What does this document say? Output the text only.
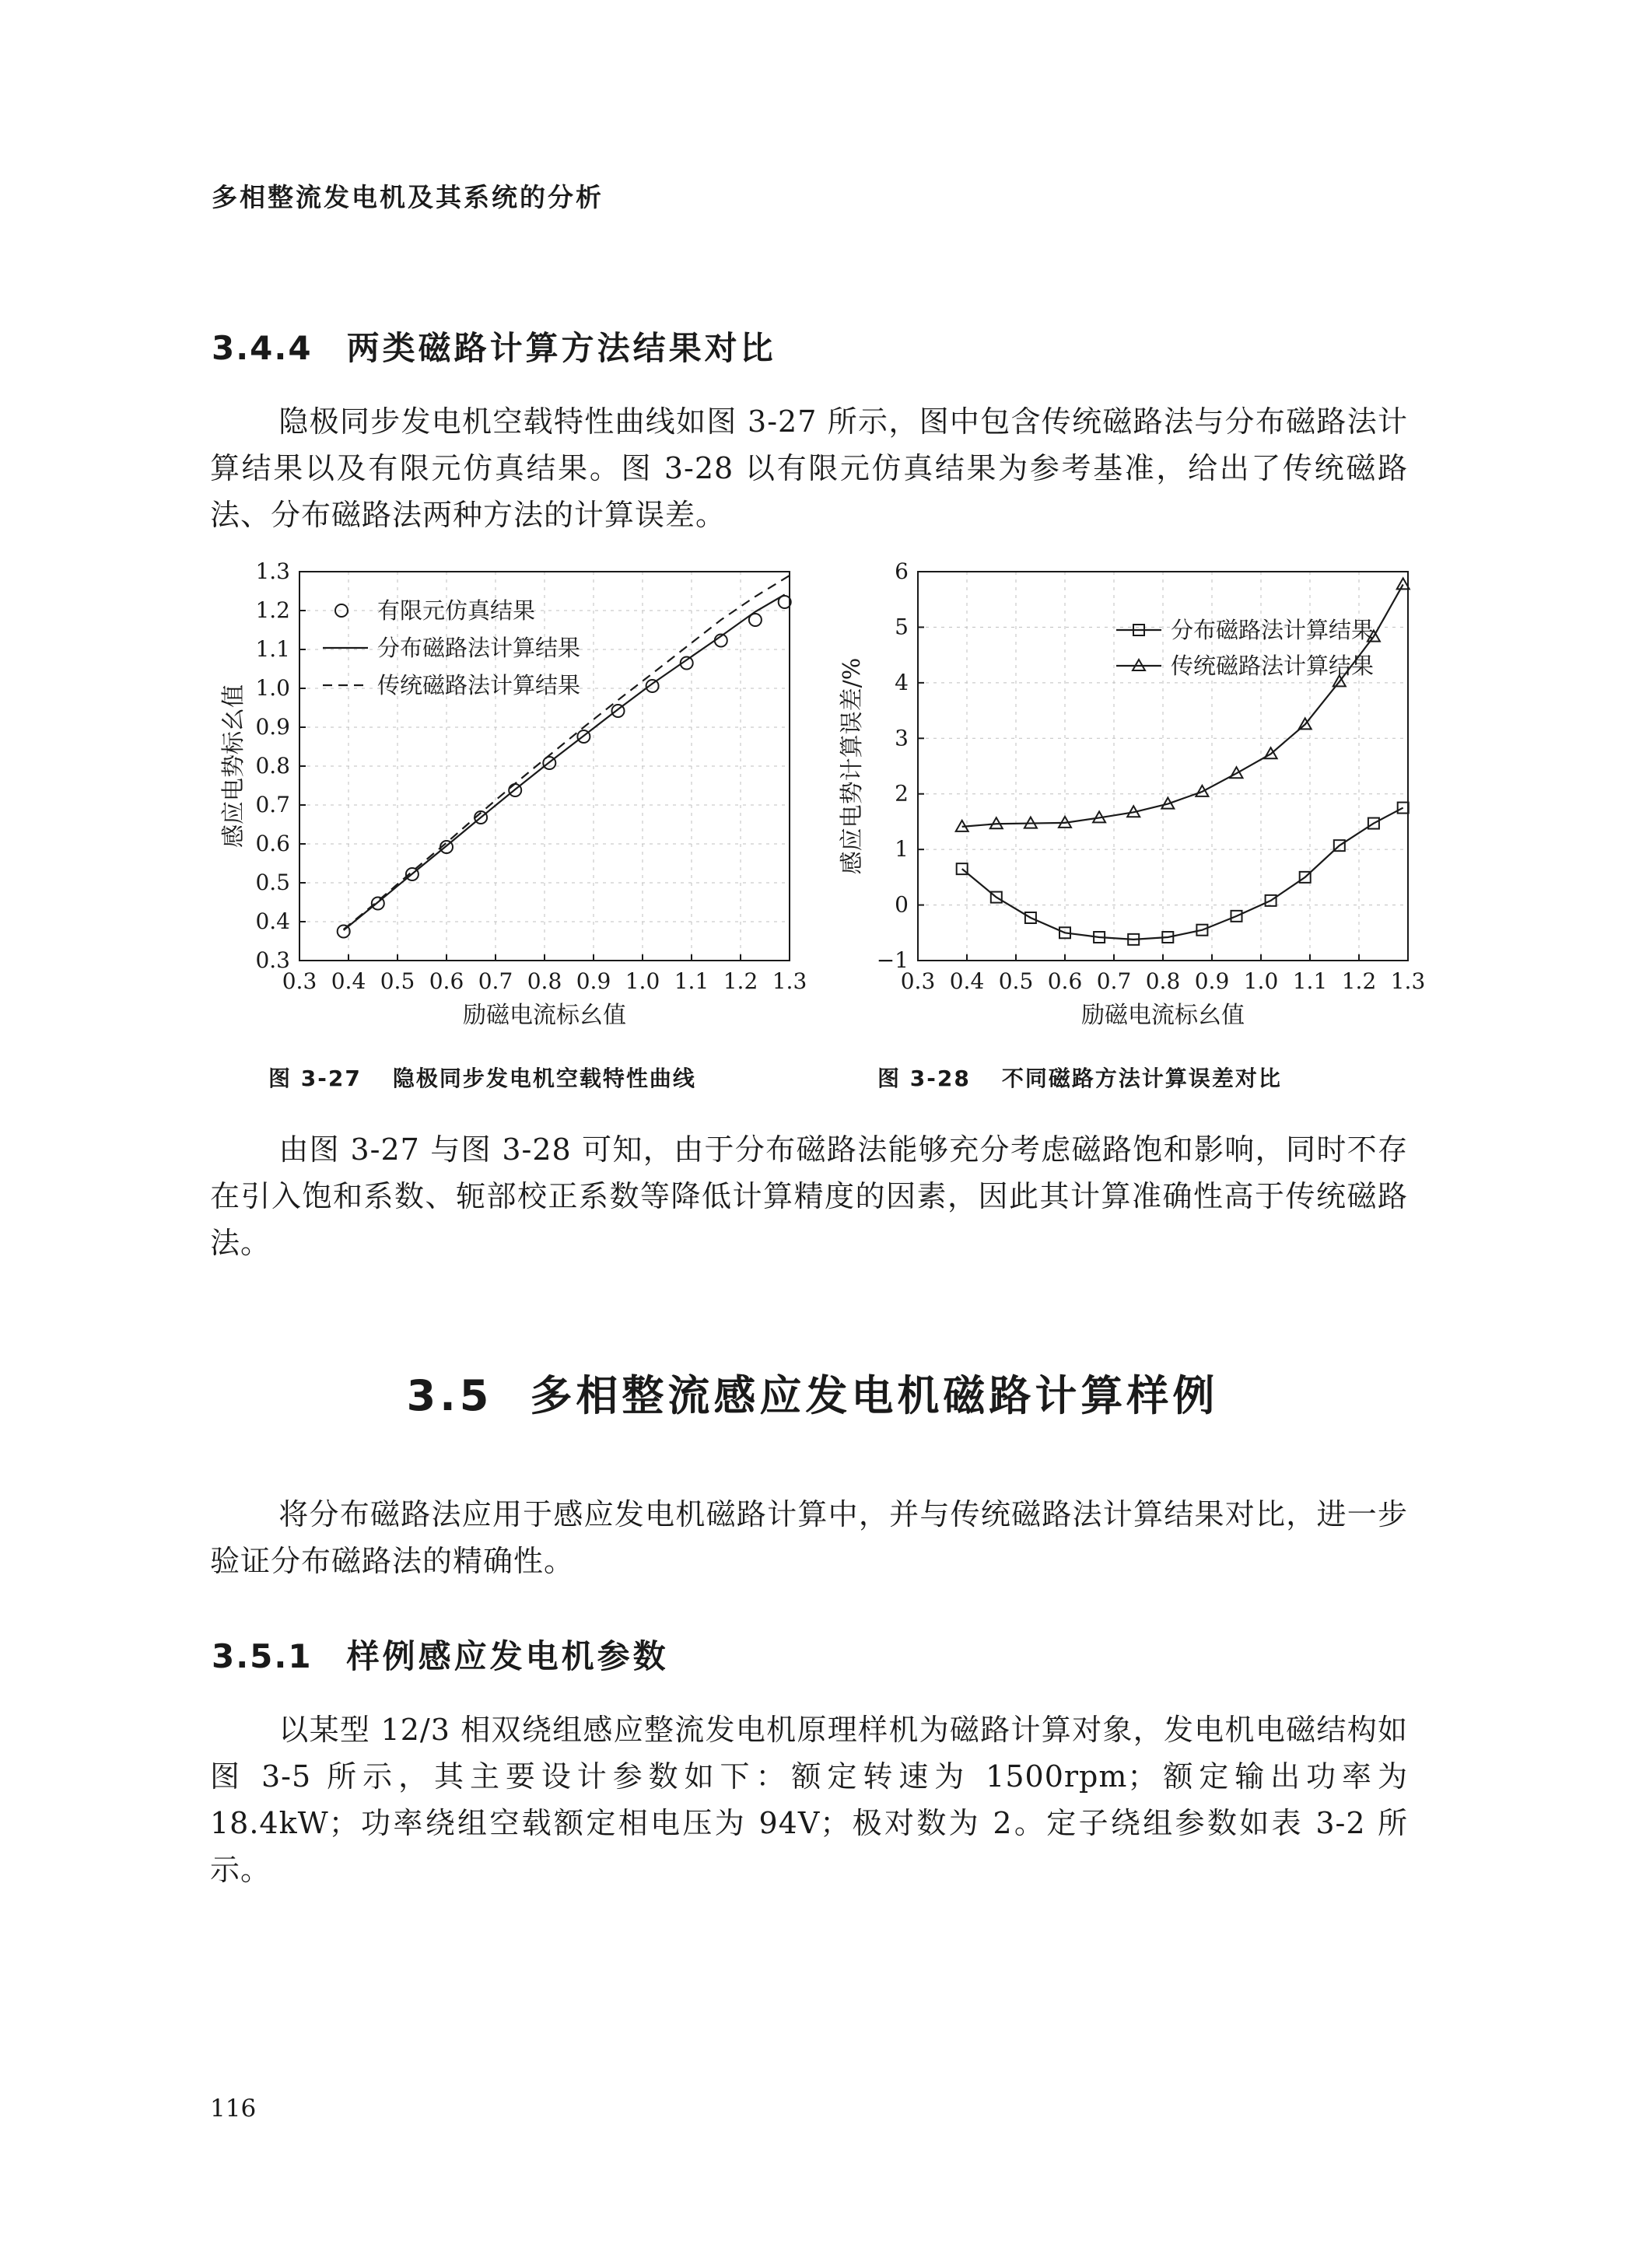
多相整流发电机及其系统的分析
3.4.4 两类磁路计算方法结果对比
隐极同步发电机空载特性曲线如图 3-27 所示，图中包含传统磁路法与分布磁路法计算结果以及有限元仿真结果。图 3-28 以有限元仿真结果为参考基准，给出了传统磁路法、分布磁路法两种方法的计算误差。
0.3 0.4 0.5 0.6 0.7 0.8 0.9 1.0 1.1 1.2 1.3
0.3
0.4
0.5
0.6
0.7
0.8
0.9
1.0
1.1
1.2
1.3
励磁电流标幺值
感应电势标幺值
有限元仿真结果
分布磁路法计算结果
传统磁路法计算结果
0.3 0.4 0.5 0.6 0.7 0.8 0.9 1.0 1.1 1.2 1.3
−1
0
1
2
3
4
5
6
励磁电流标幺值
感应电势计算误差/%
分布磁路法计算结果
传统磁路法计算结果
图 3-27 隐极同步发电机空载特性曲线	图 3-28 不同磁路方法计算误差对比
由图 3-27 与图 3-28 可知，由于分布磁路法能够充分考虑磁路饱和影响，同时不存在引入饱和系数、轭部校正系数等降低计算精度的因素，因此其计算准确性高于传统磁路法。
3.5 多相整流感应发电机磁路计算样例
将分布磁路法应用于感应发电机磁路计算中，并与传统磁路法计算结果对比，进一步验证分布磁路法的精确性。
3.5.1 样例感应发电机参数
以某型 12/3 相双绕组感应整流发电机原理样机为磁路计算对象，发电机电磁结构如图 3-5 所示，其主要设计参数如下：额定转速为 1500rpm；额定输出功率为 18.4kW；功率绕组空载额定相电压为 94V；极对数为 2。定子绕组参数如表 3-2 所示。
116
